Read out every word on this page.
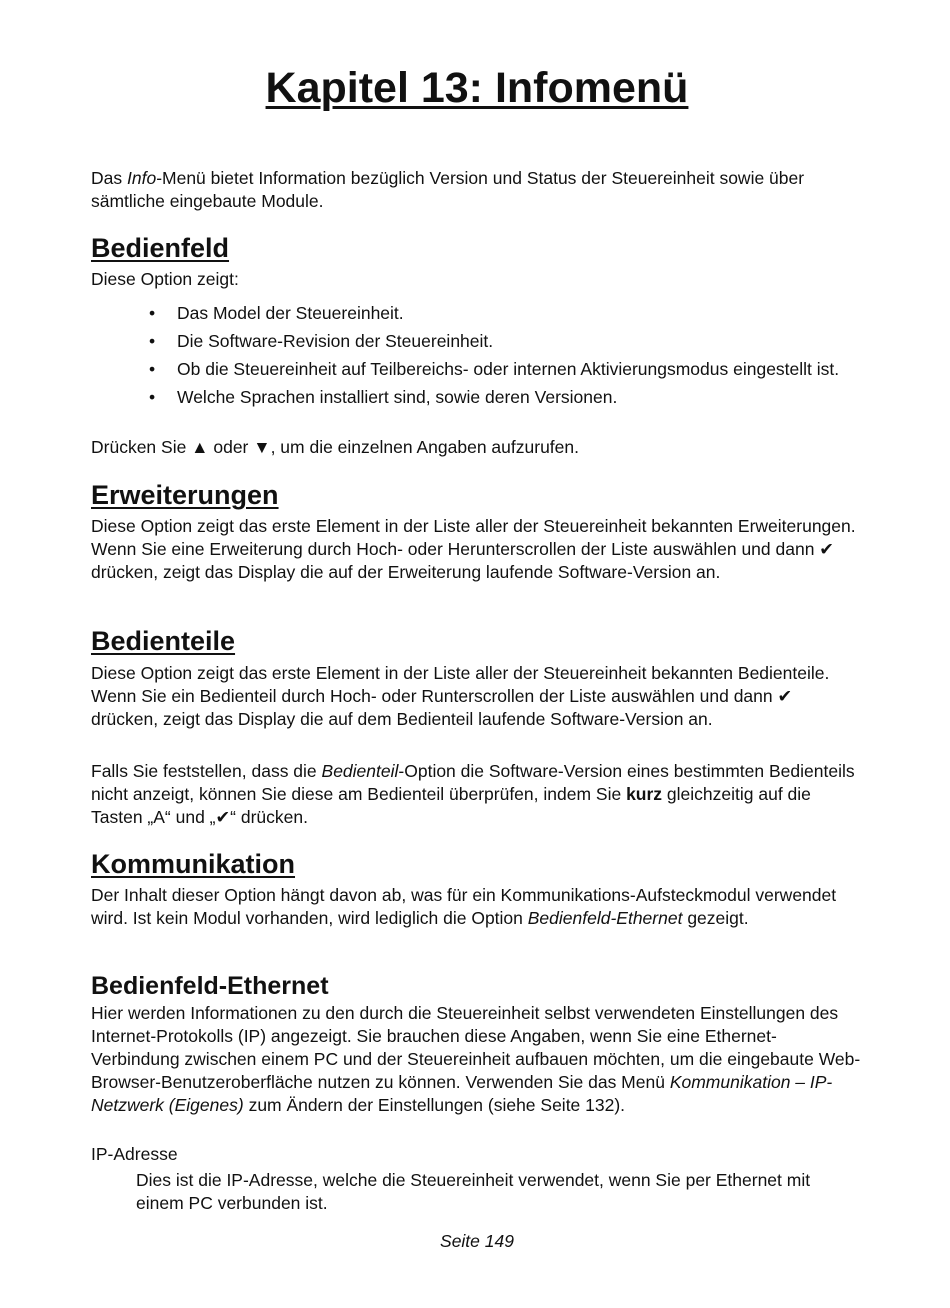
Kapitel 13: Infomenü

Das Info-Menü bietet Information bezüglich Version und Status der Steuereinheit sowie über sämtliche eingebaute Module.

Bedienfeld

Diese Option zeigt:

• Das Model der Steuereinheit.
• Die Software-Revision der Steuereinheit.
• Ob die Steuereinheit auf Teilbereichs- oder internen Aktivierungsmodus eingestellt ist.
• Welche Sprachen installiert sind, sowie deren Versionen.

Drücken Sie ▲ oder ▼, um die einzelnen Angaben aufzurufen.

Erweiterungen

Diese Option zeigt das erste Element in der Liste aller der Steuereinheit bekannten Erweiterungen. Wenn Sie eine Erweiterung durch Hoch- oder Herunterscrollen der Liste auswählen und dann ✔ drücken, zeigt das Display die auf der Erweiterung laufende Software-Version an.

Bedienteile

Diese Option zeigt das erste Element in der Liste aller der Steuereinheit bekannten Bedienteile. Wenn Sie ein Bedienteil durch Hoch- oder Runterscrollen der Liste auswählen und dann ✔ drücken, zeigt das Display die auf dem Bedienteil laufende Software-Version an.

Falls Sie feststellen, dass die Bedienteil-Option die Software-Version eines bestimmten Bedienteils nicht anzeigt, können Sie diese am Bedienteil überprüfen, indem Sie kurz gleichzeitig auf die Tasten „A“ und „✔“ drücken.

Kommunikation

Der Inhalt dieser Option hängt davon ab, was für ein Kommunikations-Aufsteckmodul verwendet wird. Ist kein Modul vorhanden, wird lediglich die Option Bedienfeld-Ethernet gezeigt.

Bedienfeld-Ethernet

Hier werden Informationen zu den durch die Steuereinheit selbst verwendeten Einstellungen des Internet-Protokolls (IP) angezeigt. Sie brauchen diese Angaben, wenn Sie eine Ethernet-Verbindung zwischen einem PC und der Steuereinheit aufbauen möchten, um die eingebaute Web-Browser-Benutzeroberfläche nutzen zu können. Verwenden Sie das Menü Kommunikation – IP-Netzwerk (Eigenes) zum Ändern der Einstellungen (siehe Seite 132).

IP-Adresse

Dies ist die IP-Adresse, welche die Steuereinheit verwendet, wenn Sie per Ethernet mit einem PC verbunden ist.

Seite 149
